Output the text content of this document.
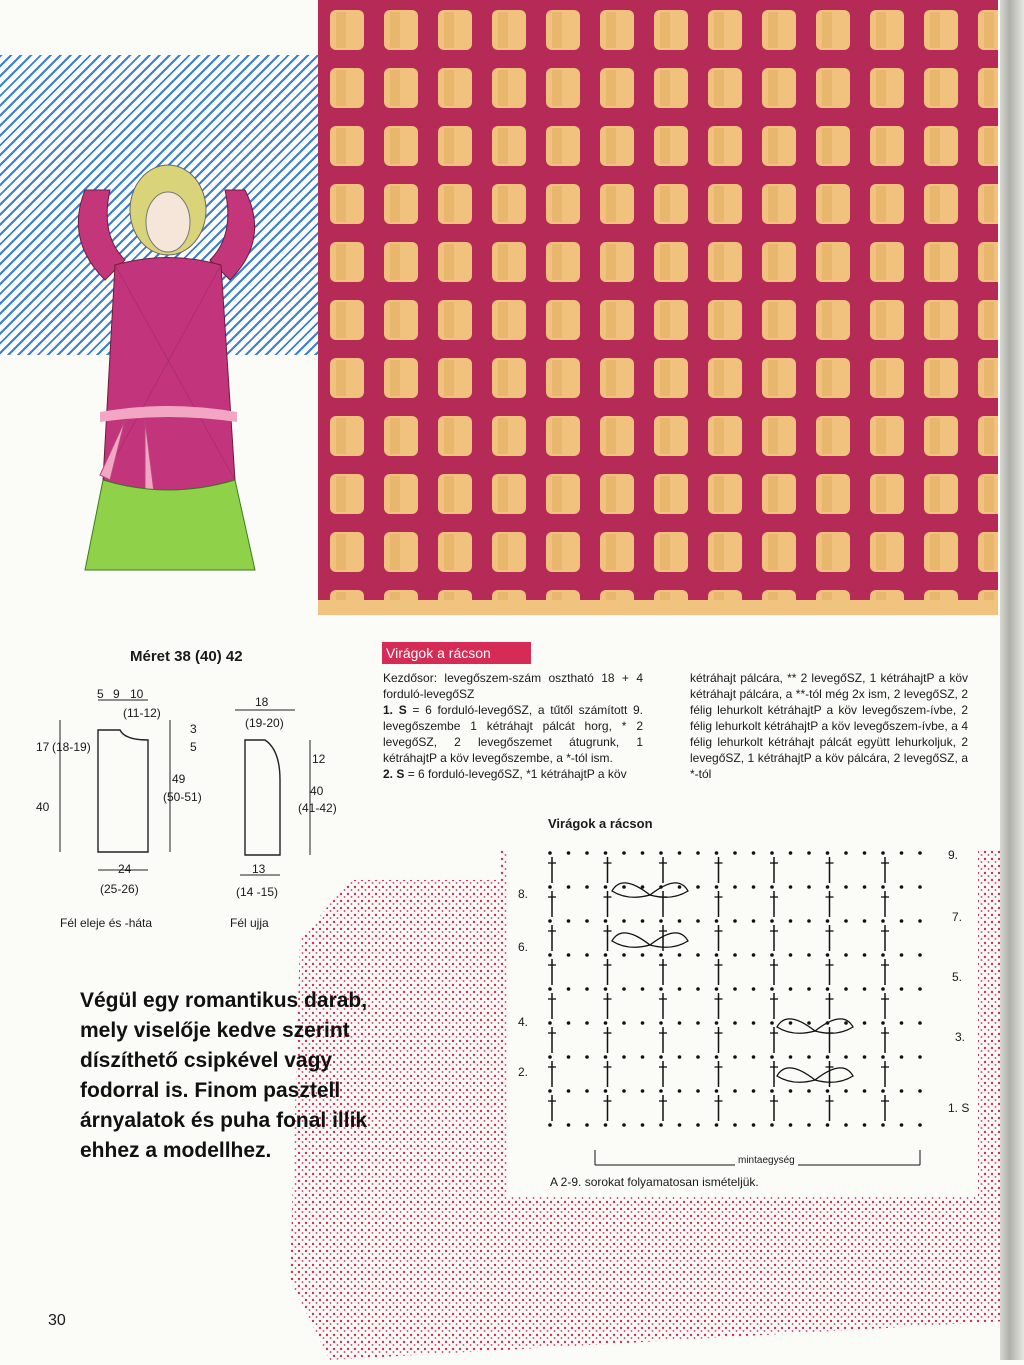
Méret 38 (40) 42
5 9 10
(11-12)
3
5
17 (18-19)
49
(50-51)
40
24
(25-26)
18
(19-20)
12
40
(41-42)
13
(14 -15)
Fél eleje és -háta	Fél ujja
Virágok a rácson
Kezdősor: levegőszem-szám osztható 18 + 4 forduló-levegőSZ
1. S = 6 forduló-levegőSZ, a tűtől számított 9. levegőszembe 1 kétráhajt pálcát horg, * 2 levegőSZ, 2 levegőszemet átugrunk, 1 kétráhajtP a köv levegőszembe, a *-tól ism.
2. S = 6 forduló-levegőSZ, *1 kétráhajtP a köv
kétráhajt pálcára, ** 2 levegőSZ, 1 kétráhajtP a köv kétráhajt pálcára, a **-tól még 2x ism, 2 levegőSZ, 2 félig lehurkolt kétráhajtP a köv levegőszem-ívbe, 2 félig lehurkolt kétráhajtP a köv levegőszem-ívbe, a 4 félig lehurkolt kétráhajt pálcát együtt lehurkoljuk, 2 levegőSZ, 1 kétráhajtP a köv pálcára, 2 levegőSZ, a *-tól
Virágok a rácson
8.
6.
4.
2.
9.
7.
5.
3.
1. S
mintaegység
A 2-9. sorokat folyamatosan ismételjük.
Végül egy romantikus darab, mely viselője kedve szerint díszíthető csipkével vagy fodorral is. Finom pasztell árnyalatok és puha fonal illik ehhez a modellhez.
30
